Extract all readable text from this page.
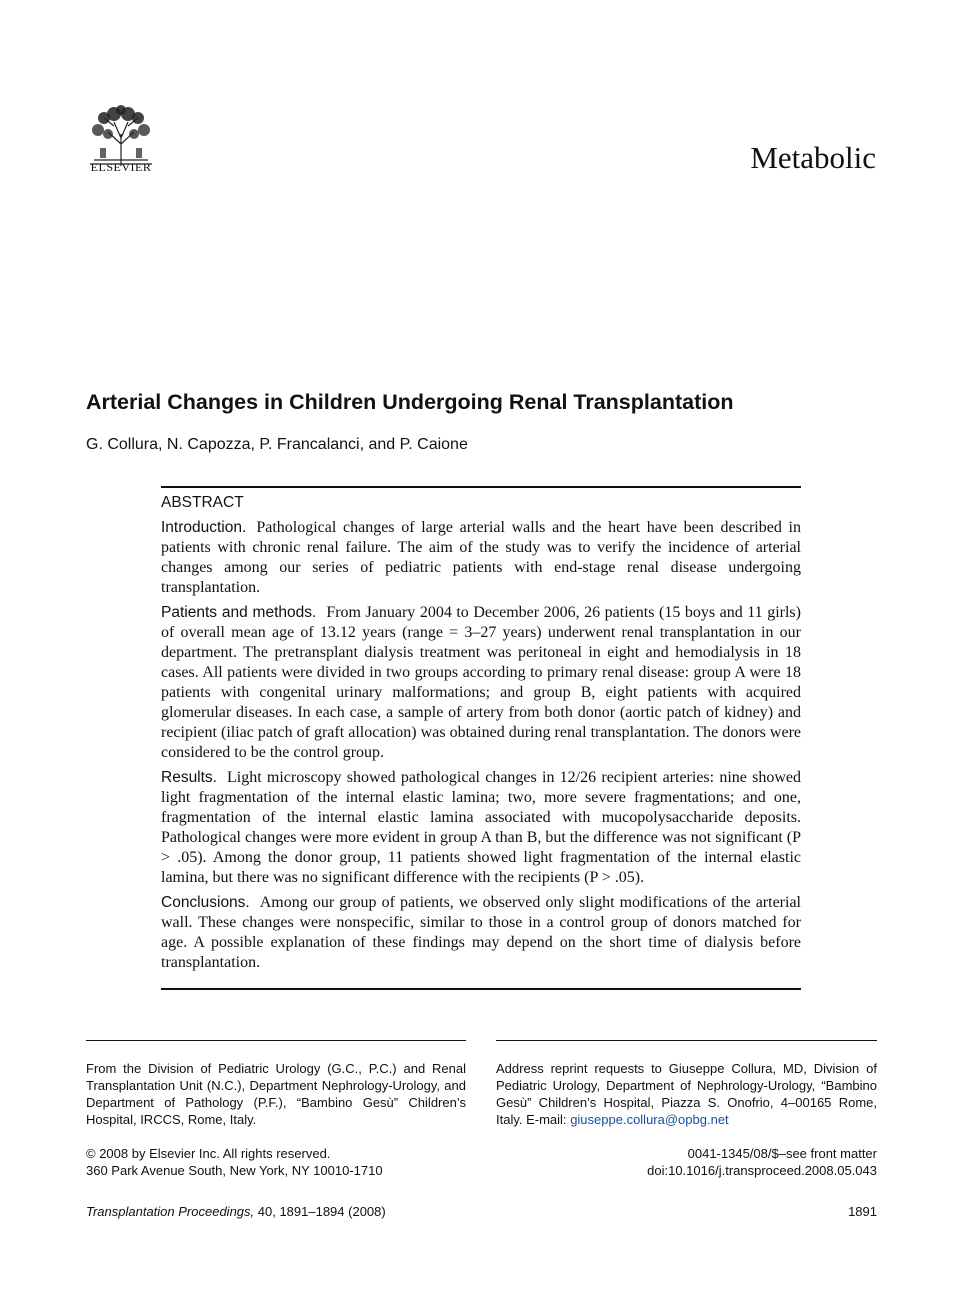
ELSEVIER	Metabolic
Arterial Changes in Children Undergoing Renal Transplantation
G. Collura, N. Capozza, P. Francalanci, and P. Caione
ABSTRACT

Introduction. Pathological changes of large arterial walls and the heart have been described in patients with chronic renal failure. The aim of the study was to verify the incidence of arterial changes among our series of pediatric patients with end-stage renal disease undergoing transplantation.

Patients and methods. From January 2004 to December 2006, 26 patients (15 boys and 11 girls) of overall mean age of 13.12 years (range = 3–27 years) underwent renal transplantation in our department. The pretransplant dialysis treatment was peritoneal in eight and hemodialysis in 18 cases. All patients were divided in two groups according to primary renal disease: group A were 18 patients with congenital urinary malformations; and group B, eight patients with acquired glomerular diseases. In each case, a sample of artery from both donor (aortic patch of kidney) and recipient (iliac patch of graft allocation) was obtained during renal transplantation. The donors were considered to be the control group.

Results. Light microscopy showed pathological changes in 12/26 recipient arteries: nine showed light fragmentation of the internal elastic lamina; two, more severe fragmentations; and one, fragmentation of the internal elastic lamina associated with mucopolysaccharide deposits. Pathological changes were more evident in group A than B, but the difference was not significant (P > .05). Among the donor group, 11 patients showed light fragmentation of the internal elastic lamina, but there was no significant difference with the recipients (P > .05).

Conclusions. Among our group of patients, we observed only slight modifications of the arterial wall. These changes were nonspecific, similar to those in a control group of donors matched for age. A possible explanation of these findings may depend on the short time of dialysis before transplantation.

From the Division of Pediatric Urology (G.C., P.C.) and Renal Transplantation Unit (N.C.), Department Nephrology-Urology, and Department of Pathology (P.F.), “Bambino Gesù” Children’s Hospital, IRCCS, Rome, Italy.
Address reprint requests to Giuseppe Collura, MD, Division of Pediatric Urology, Department of Nephrology-Urology, “Bambino Gesù” Children’s Hospital, Piazza S. Onofrio, 4–00165 Rome, Italy. E-mail: giuseppe.collura@opbg.net
© 2008 by Elsevier Inc. All rights reserved.
360 Park Avenue South, New York, NY 10010-1710
0041-1345/08/$–see front matter
doi:10.1016/j.transproceed.2008.05.043
Transplantation Proceedings, 40, 1891–1894 (2008)	1891
